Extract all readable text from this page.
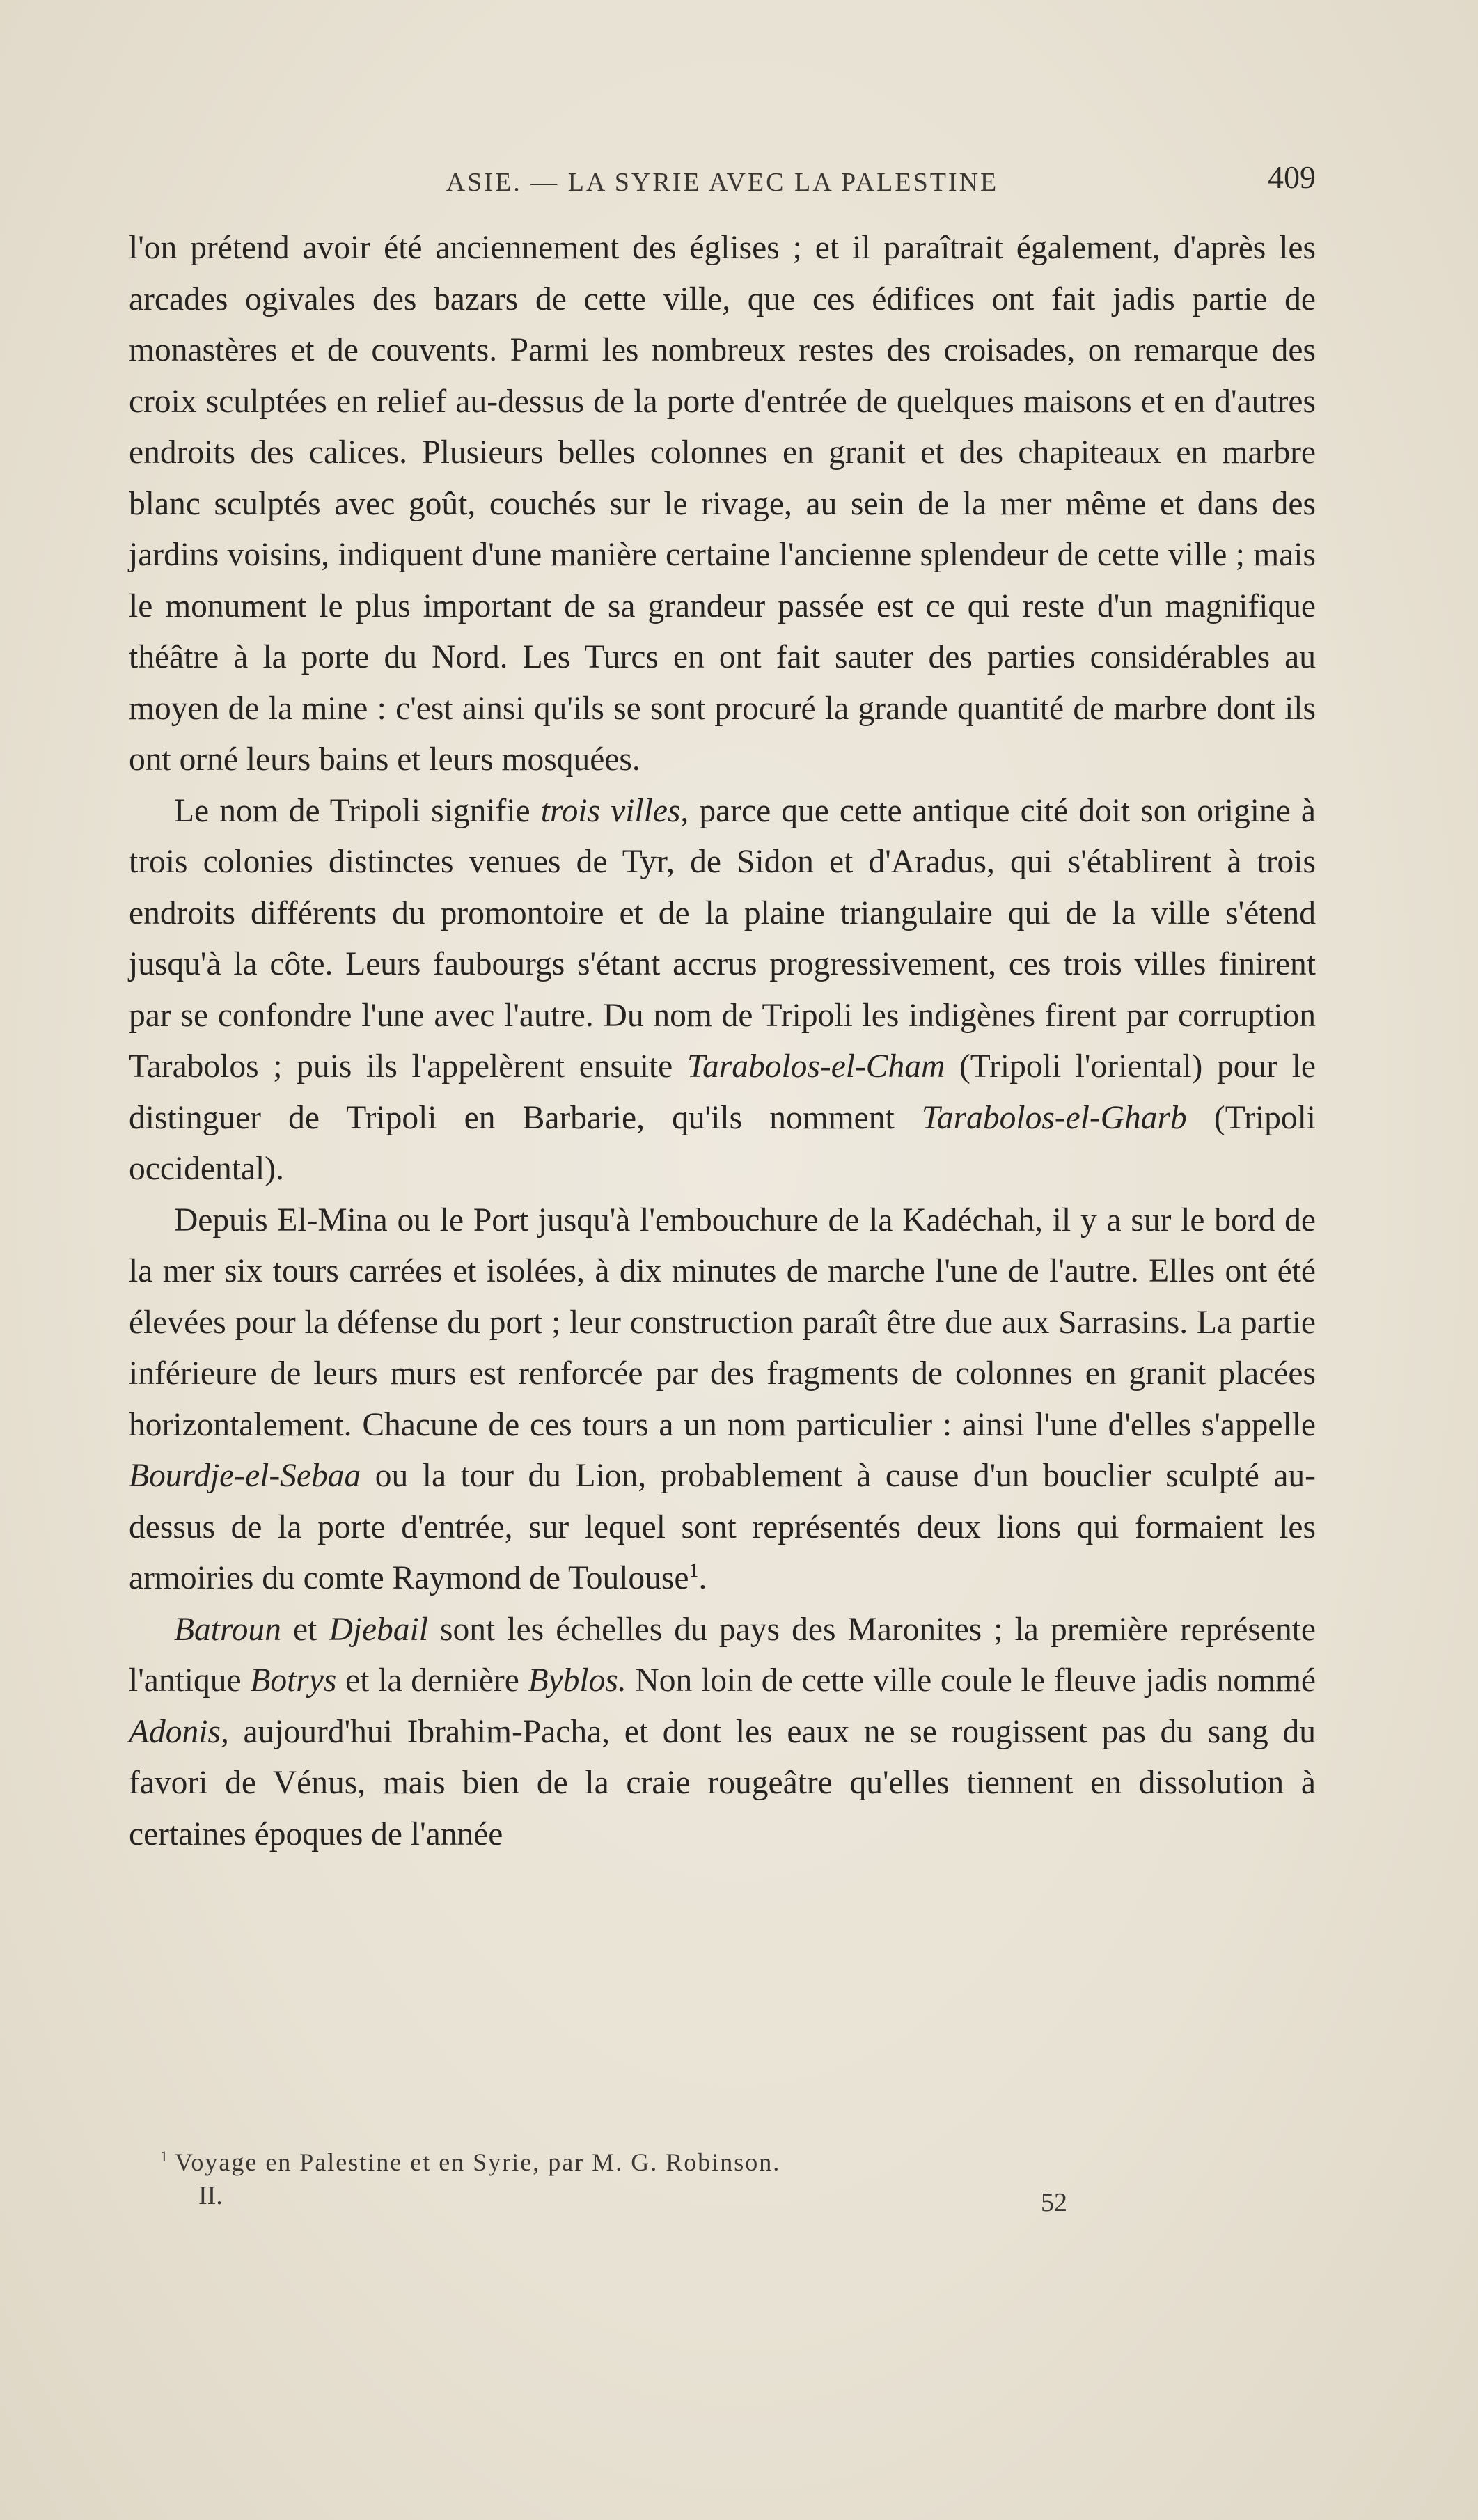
ASIE. — LA SYRIE AVEC LA PALESTINE	409

l'on prétend avoir été anciennement des églises ; et il paraîtrait également, d'après les arcades ogivales des bazars de cette ville, que ces édifices ont fait jadis partie de monastères et de couvents. Parmi les nombreux restes des croisades, on remarque des croix sculptées en relief au-dessus de la porte d'entrée de quelques maisons et en d'autres endroits des calices. Plusieurs belles colonnes en granit et des chapiteaux en marbre blanc sculptés avec goût, couchés sur le rivage, au sein de la mer même et dans des jardins voisins, indiquent d'une manière certaine l'ancienne splendeur de cette ville ; mais le monument le plus important de sa grandeur passée est ce qui reste d'un magnifique théâtre à la porte du Nord. Les Turcs en ont fait sauter des parties considérables au moyen de la mine : c'est ainsi qu'ils se sont procuré la grande quantité de marbre dont ils ont orné leurs bains et leurs mosquées.

Le nom de Tripoli signifie trois villes, parce que cette antique cité doit son origine à trois colonies distinctes venues de Tyr, de Sidon et d'Aradus, qui s'établirent à trois endroits différents du promontoire et de la plaine triangulaire qui de la ville s'étend jusqu'à la côte. Leurs faubourgs s'étant accrus progressivement, ces trois villes finirent par se confondre l'une avec l'autre. Du nom de Tripoli les indigènes firent par corruption Tarabolos ; puis ils l'appelèrent ensuite Tarabolos-el-Cham (Tripoli l'oriental) pour le distinguer de Tripoli en Barbarie, qu'ils nomment Tarabolos-el-Gharb (Tripoli occidental).

Depuis El-Mina ou le Port jusqu'à l'embouchure de la Kadéchah, il y a sur le bord de la mer six tours carrées et isolées, à dix minutes de marche l'une de l'autre. Elles ont été élevées pour la défense du port ; leur construction paraît être due aux Sarrasins. La partie inférieure de leurs murs est renforcée par des fragments de colonnes en granit placées horizontalement. Chacune de ces tours a un nom particulier : ainsi l'une d'elles s'appelle Bourdje-el-Sebaa ou la tour du Lion, probablement à cause d'un bouclier sculpté au-dessus de la porte d'entrée, sur lequel sont représentés deux lions qui formaient les armoiries du comte Raymond de Toulouse$^1$.

Batroun et Djebail sont les échelles du pays des Maronites ; la première représente l'antique Botrys et la dernière Byblos. Non loin de cette ville coule le fleuve jadis nommé Adonis, aujourd'hui Ibrahim-Pacha, et dont les eaux ne se rougissent pas du sang du favori de Vénus, mais bien de la craie rougeâtre qu'elles tiennent en dissolution à certaines époques de l'année

$^1$ Voyage en Palestine et en Syrie, par M. G. Robinson.
II.	52
